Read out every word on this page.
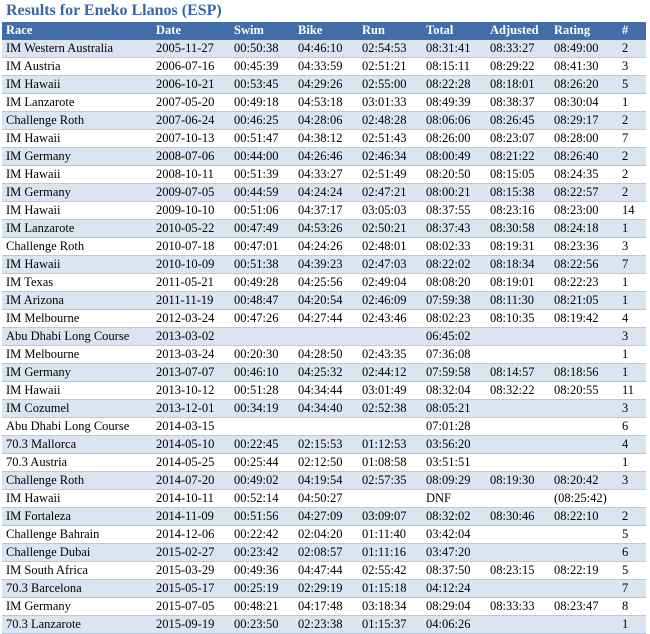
Results for Eneko Llanos (ESP)
Race	Date	Swim	Bike	Run	Total	Adjusted	Rating	#
IM Western Australia	2005-11-27	00:50:38	04:46:10	02:54:53	08:31:41	08:33:27	08:49:00	2
IM Austria	2006-07-16	00:45:39	04:33:59	02:51:21	08:15:11	08:29:22	08:41:30	3
IM Hawaii	2006-10-21	00:53:45	04:29:26	02:55:00	08:22:28	08:18:01	08:26:20	5
IM Lanzarote	2007-05-20	00:49:18	04:53:18	03:01:33	08:49:39	08:38:37	08:30:04	1
Challenge Roth	2007-06-24	00:46:25	04:28:06	02:48:28	08:06:06	08:26:45	08:29:17	2
IM Hawaii	2007-10-13	00:51:47	04:38:12	02:51:43	08:26:00	08:23:07	08:28:00	7
IM Germany	2008-07-06	00:44:00	04:26:46	02:46:34	08:00:49	08:21:22	08:26:40	2
IM Hawaii	2008-10-11	00:51:39	04:33:27	02:51:49	08:20:50	08:15:05	08:24:35	2
IM Germany	2009-07-05	00:44:59	04:24:24	02:47:21	08:00:21	08:15:38	08:22:57	2
IM Hawaii	2009-10-10	00:51:06	04:37:17	03:05:03	08:37:55	08:23:16	08:23:00	14
IM Lanzarote	2010-05-22	00:47:49	04:53:26	02:50:21	08:37:43	08:30:58	08:24:18	1
Challenge Roth	2010-07-18	00:47:01	04:24:26	02:48:01	08:02:33	08:19:31	08:23:36	3
IM Hawaii	2010-10-09	00:51:38	04:39:23	02:47:03	08:22:02	08:18:34	08:22:56	7
IM Texas	2011-05-21	00:49:28	04:25:56	02:49:04	08:08:20	08:19:01	08:22:23	1
IM Arizona	2011-11-19	00:48:47	04:20:54	02:46:09	07:59:38	08:11:30	08:21:05	1
IM Melbourne	2012-03-24	00:47:26	04:27:44	02:43:46	08:02:23	08:10:35	08:19:42	4
Abu Dhabi Long Course	2013-03-02				06:45:02			3
IM Melbourne	2013-03-24	00:20:30	04:28:50	02:43:35	07:36:08			1
IM Germany	2013-07-07	00:46:10	04:25:32	02:44:12	07:59:58	08:14:57	08:18:56	1
IM Hawaii	2013-10-12	00:51:28	04:34:44	03:01:49	08:32:04	08:32:22	08:20:55	11
IM Cozumel	2013-12-01	00:34:19	04:34:40	02:52:38	08:05:21			3
Abu Dhabi Long Course	2014-03-15				07:01:28			6
70.3 Mallorca	2014-05-10	00:22:45	02:15:53	01:12:53	03:56:20			4
70.3 Austria	2014-05-25	00:25:44	02:12:50	01:08:58	03:51:51			1
Challenge Roth	2014-07-20	00:49:02	04:19:54	02:57:35	08:09:29	08:19:30	08:20:42	3
IM Hawaii	2014-10-11	00:52:14	04:50:27		DNF		(08:25:42)	
IM Fortaleza	2014-11-09	00:51:56	04:27:09	03:09:07	08:32:02	08:30:46	08:22:10	2
Challenge Bahrain	2014-12-06	00:22:42	02:04:20	01:11:40	03:42:04			5
Challenge Dubai	2015-02-27	00:23:42	02:08:57	01:11:16	03:47:20			6
IM South Africa	2015-03-29	00:49:36	04:47:44	02:55:42	08:37:50	08:23:15	08:22:19	5
70.3 Barcelona	2015-05-17	00:25:19	02:29:19	01:15:18	04:12:24			7
IM Germany	2015-07-05	00:48:21	04:17:48	03:18:34	08:29:04	08:33:33	08:23:47	8
70.3 Lanzarote	2015-09-19	00:23:50	02:23:38	01:15:37	04:06:26			1
